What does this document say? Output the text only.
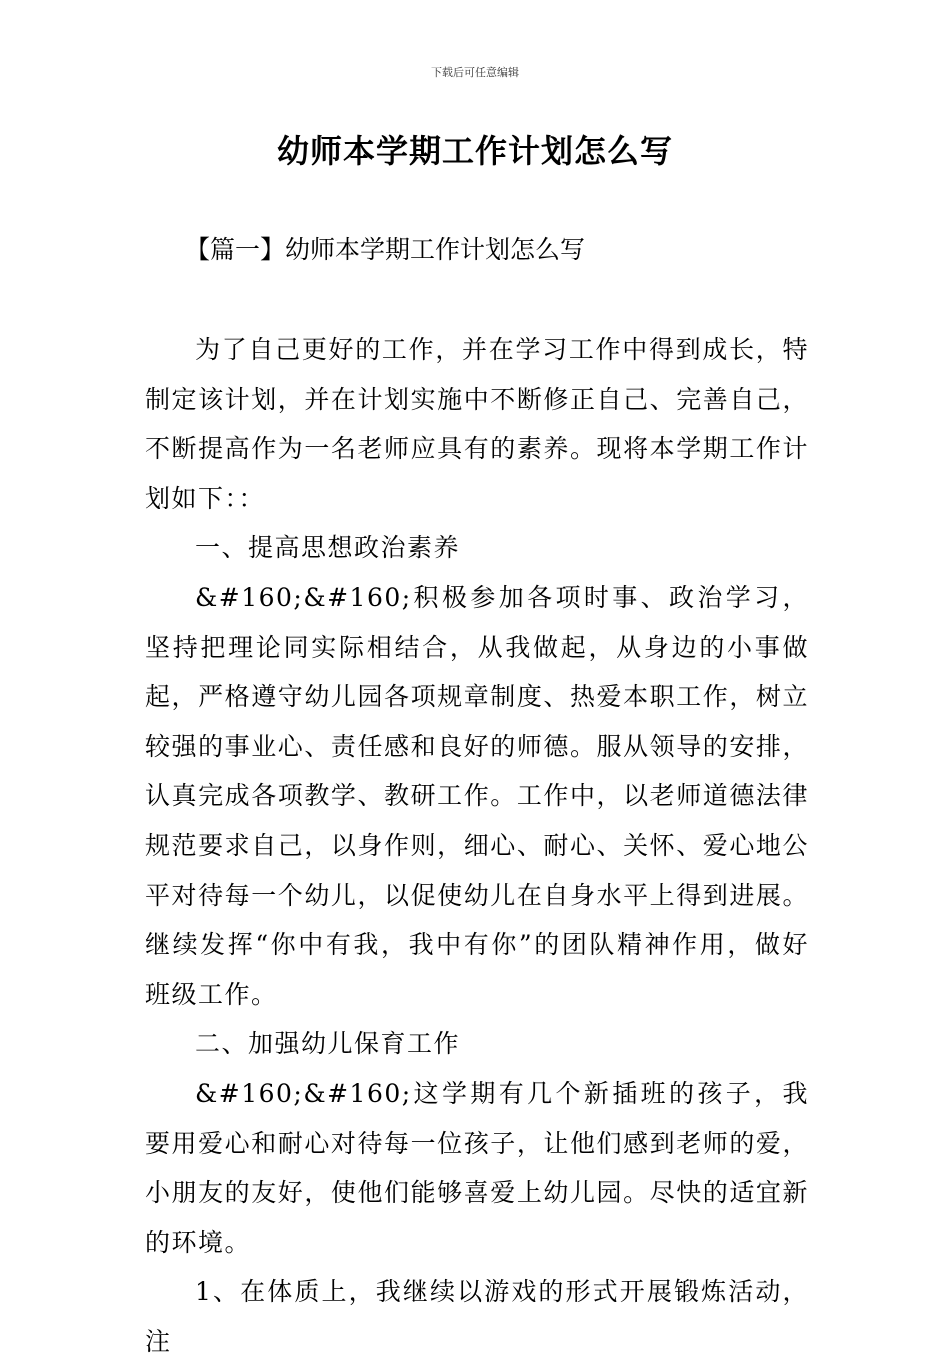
下载后可任意编辑
幼师本学期工作计划怎么写
【篇一】幼师本学期工作计划怎么写

为了自己更好的工作，并在学习工作中得到成长，特制定该计划，并在计划实施中不断修正自己、完善自己，不断提高作为一名老师应具有的素养。现将本学期工作计划如下：：

一、提高思想政治素养

&#160;&#160;积极参加各项时事、政治学习，坚持把理论同实际相结合，从我做起，从身边的小事做起，严格遵守幼儿园各项规章制度、热爱本职工作，树立较强的事业心、责任感和良好的师德。服从领导的安排，认真完成各项教学、教研工作。工作中，以老师道德法律规范要求自己，以身作则，细心、耐心、关怀、爱心地公平对待每一个幼儿，以促使幼儿在自身水平上得到进展。继续发挥“你中有我，我中有你”的团队精神作用，做好班级工作。

二、加强幼儿保育工作

&#160;&#160;这学期有几个新插班的孩子，我要用爱心和耐心对待每一位孩子，让他们感到老师的爱，小朋友的友好，使他们能够喜爱上幼儿园。尽快的适宜新的环境。

1、在体质上，我继续以游戏的形式开展锻炼活动，注
